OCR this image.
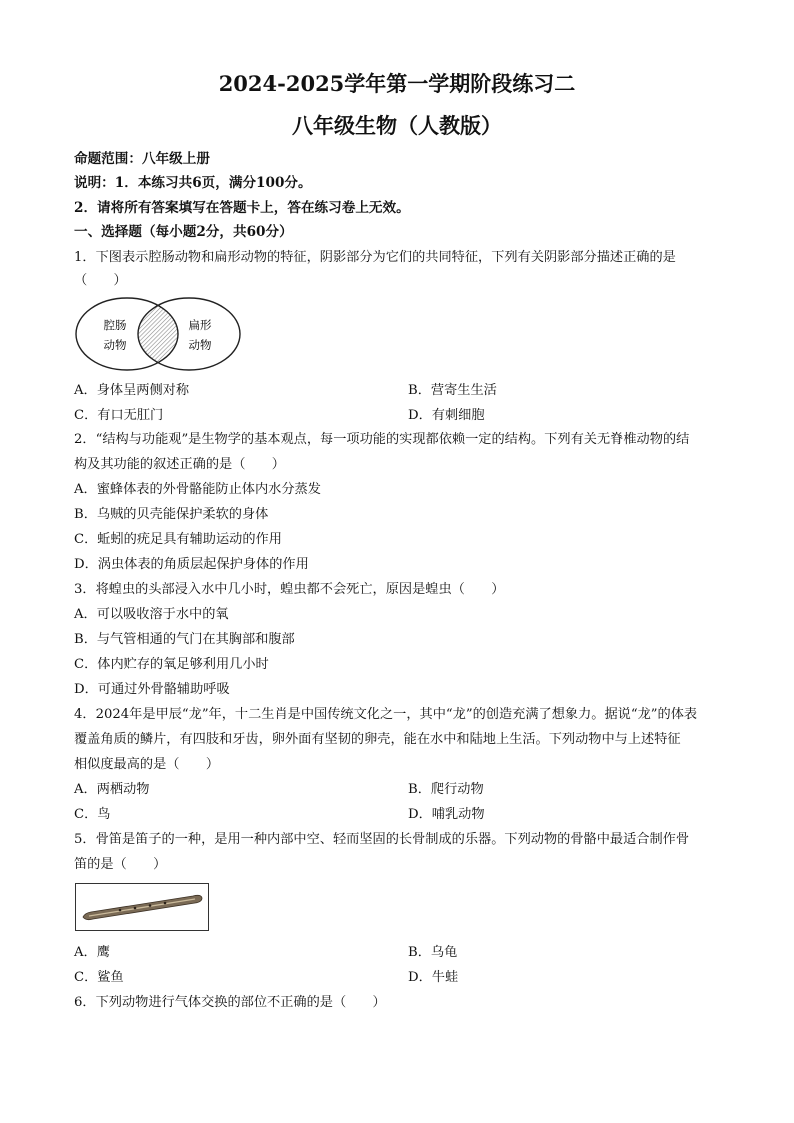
2024-2025学年第一学期阶段练习二
八年级生物（人教版）
命题范围：八年级上册
说明：1．本练习共6页，满分100分。
2．请将所有答案填写在答题卡上，答在练习卷上无效。
一、选择题（每小题2分，共60分）
1．下图表示腔肠动物和扁形动物的特征，阴影部分为它们的共同特征，下列有关阴影部分描述正确的是
（　　）
腔肠
动物
扁形
动物
A．身体呈两侧对称	B．营寄生生活
C．有口无肛门	D．有刺细胞
2．“结构与功能观”是生物学的基本观点，每一项功能的实现都依赖一定的结构。下列有关无脊椎动物的结
构及其功能的叙述正确的是（　　）
A．蜜蜂体表的外骨骼能防止体内水分蒸发
B．乌贼的贝壳能保护柔软的身体
C．蚯蚓的疣足具有辅助运动的作用
D．涡虫体表的角质层起保护身体的作用
3．将蝗虫的头部浸入水中几小时，蝗虫都不会死亡，原因是蝗虫（　　）
A．可以吸收溶于水中的氧
B．与气管相通的气门在其胸部和腹部
C．体内贮存的氧足够利用几小时
D．可通过外骨骼辅助呼吸
4．2024年是甲辰“龙”年，十二生肖是中国传统文化之一，其中“龙”的创造充满了想象力。据说“龙”的体表
覆盖角质的鳞片，有四肢和牙齿，卵外面有坚韧的卵壳，能在水中和陆地上生活。下列动物中与上述特征
相似度最高的是（　　）
A．两栖动物	B．爬行动物
C．鸟	D．哺乳动物
5．骨笛是笛子的一种，是用一种内部中空、轻而坚固的长骨制成的乐器。下列动物的骨骼中最适合制作骨
笛的是（　　）
A．鹰	B．乌龟
C．鲨鱼	D．牛蛙
6．下列动物进行气体交换的部位不正确的是（　　）
